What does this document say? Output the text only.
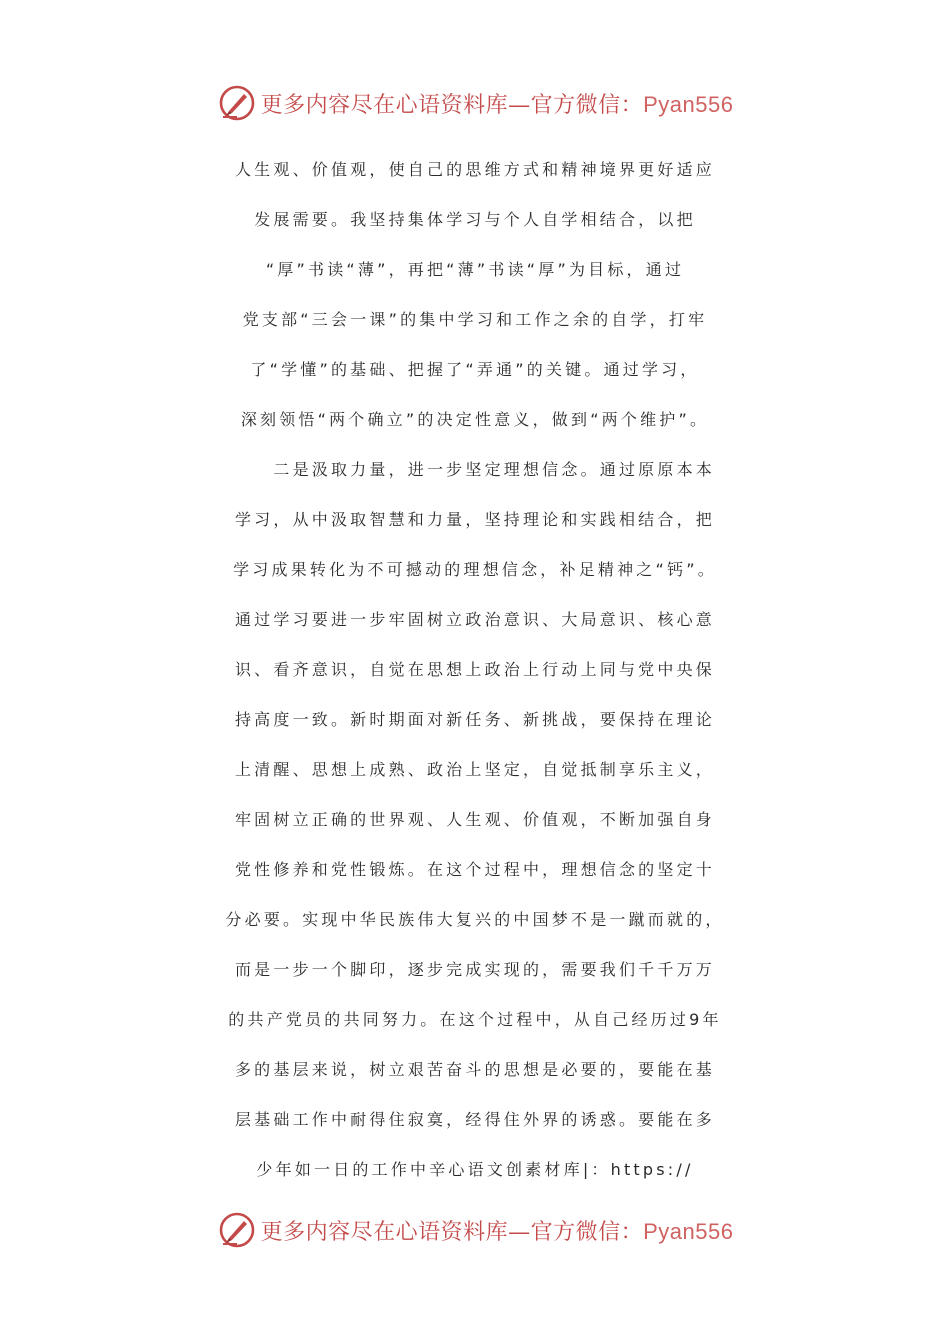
更多内容尽在心语资料库—官方微信：Pyan556
人生观、价值观，使自己的思维方式和精神境界更好适应
发展需要。我坚持集体学习与个人自学相结合，以把
“厚”书读“薄”，再把“薄”书读“厚”为目标，通过
党支部“三会一课”的集中学习和工作之余的自学，打牢
了“学懂”的基础、把握了“弄通”的关键。通过学习，
深刻领悟“两个确立”的决定性意义，做到“两个维护”。
　　二是汲取力量，进一步坚定理想信念。通过原原本本
学习，从中汲取智慧和力量，坚持理论和实践相结合，把
学习成果转化为不可撼动的理想信念，补足精神之“钙”。
通过学习要进一步牢固树立政治意识、大局意识、核心意
识、看齐意识，自觉在思想上政治上行动上同与党中央保
持高度一致。新时期面对新任务、新挑战，要保持在理论
上清醒、思想上成熟、政治上坚定，自觉抵制享乐主义，
牢固树立正确的世界观、人生观、价值观，不断加强自身
党性修养和党性锻炼。在这个过程中，理想信念的坚定十
分必要。实现中华民族伟大复兴的中国梦不是一蹴而就的，
而是一步一个脚印，逐步完成实现的，需要我们千千万万
的共产党员的共同努力。在这个过程中，从自己经历过9年
多的基层来说，树立艰苦奋斗的思想是必要的，要能在基
层基础工作中耐得住寂寞，经得住外界的诱惑。要能在多
少年如一日的工作中辛心语文创素材库|：https://
更多内容尽在心语资料库—官方微信：Pyan556
